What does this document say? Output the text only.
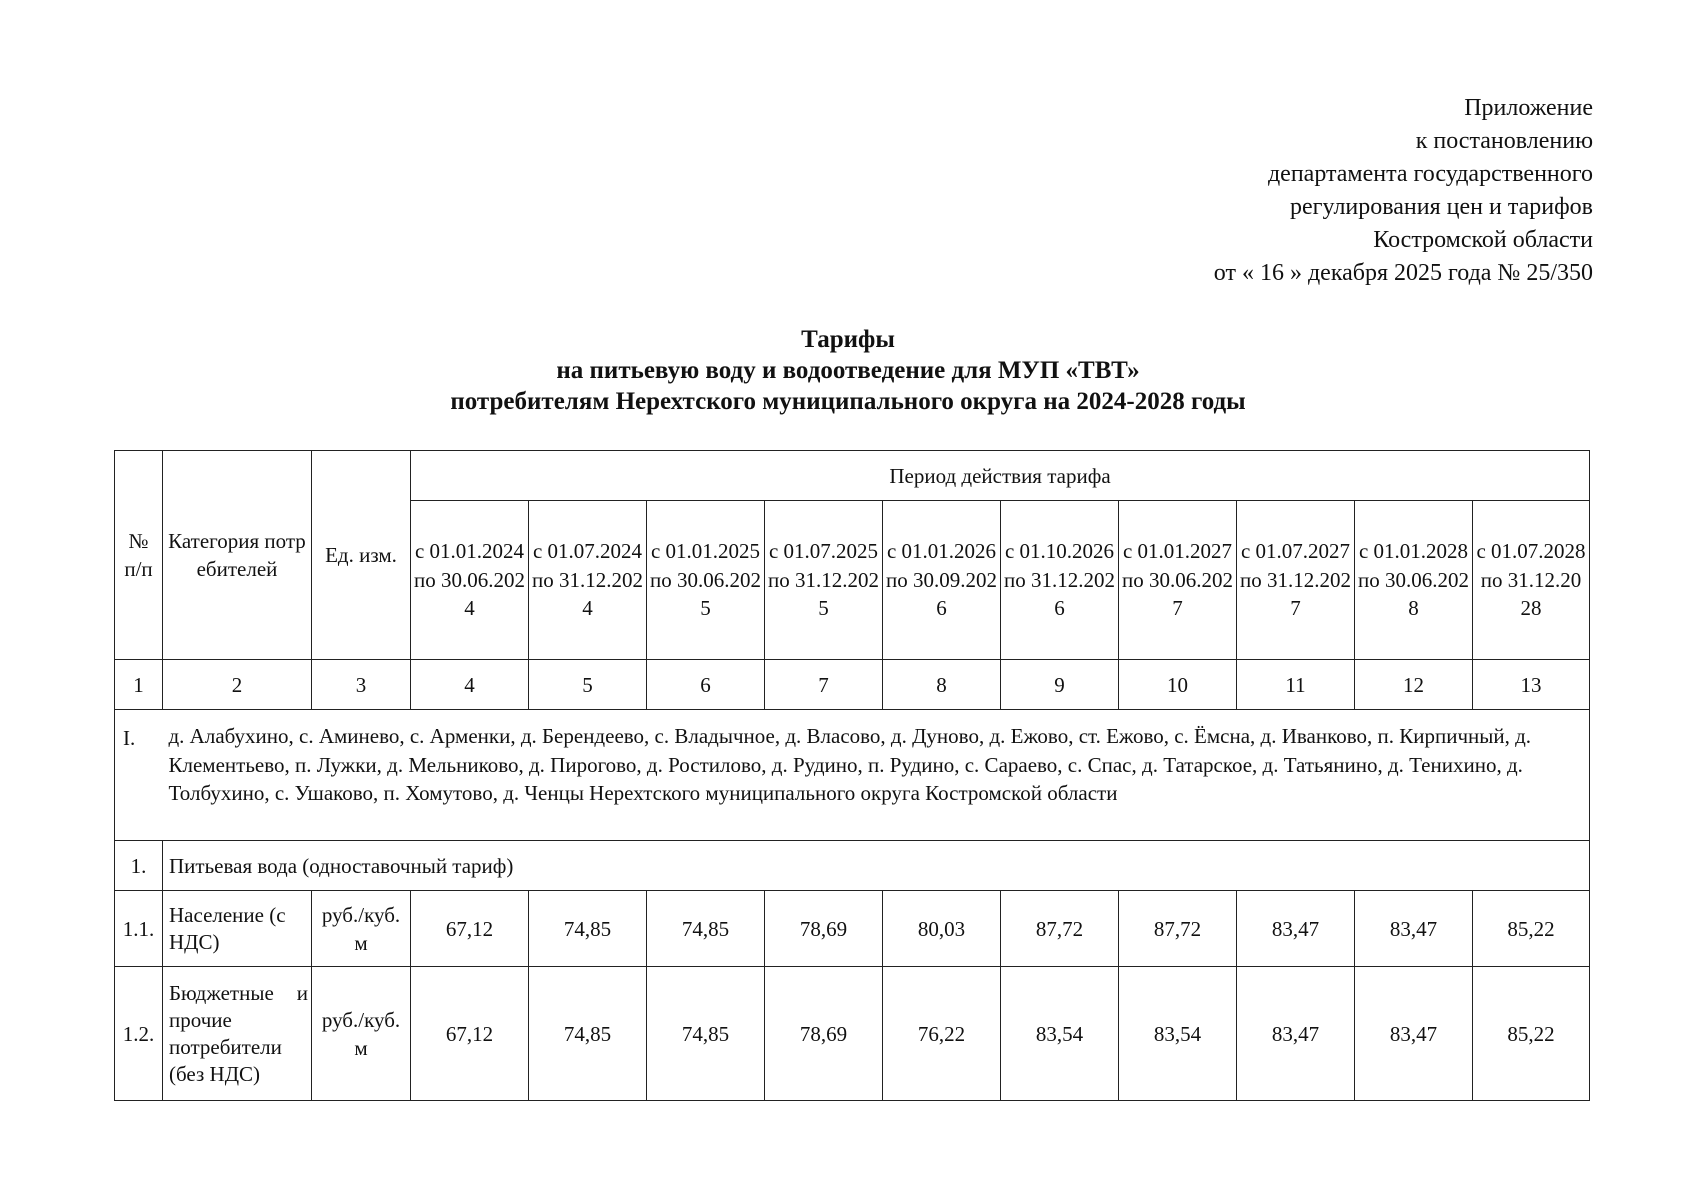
Приложение
к постановлению
департамента государственного
регулирования цен и тарифов
Костромской области
от « 16 » декабря 2025 года № 25/350
Тарифы
на питьевую воду и водоотведение для МУП «ТВТ»
потребителям Нерехтского муниципального округа на 2024-2028 годы
№ п/п	Категория потребителей	Ед. изм.	Период действия тарифа									
			с 01.01.2024 по 30.06.2024	с 01.07.2024 по 31.12.2024	с 01.01.2025 по 30.06.2025	с 01.07.2025 по 31.12.2025	с 01.01.2026 по 30.09.2026	с 01.10.2026 по 31.12.2026	с 01.01.2027 по 30.06.2027	с 01.07.2027 по 31.12.2027	с 01.01.2028 по 30.06.2028	с 01.07.2028 по 31.12.2028
1	2	3	4	5	6	7	8	9	10	11	12	13
I.	д. Алабухино, с. Аминево, с. Арменки, д. Берендеево, с. Владычное, д. Власово, д. Дуново, д. Ежово, ст. Ежово, с. Ёмсна, д. Иванково, п. Кирпичный, д. Клементьево, п. Лужки, д. Мельниково, д. Пирогово, д. Ростилово, д. Рудино, п. Рудино, с. Сараево, с. Спас, д. Татарское, д. Татьянино, д. Тенихино, д. Толбухино, с. Ушаково, п. Хомутово, д. Ченцы Нерехтского муниципального округа Костромской области											
1.	Питьевая вода (одноставочный тариф)											
1.1.	Население (с НДС)	руб./куб. м	67,12	74,85	74,85	78,69	80,03	87,72	87,72	83,47	83,47	85,22
1.2.	Бюджетные и прочие потребители (без НДС)	руб./куб. м	67,12	74,85	74,85	78,69	76,22	83,54	83,54	83,47	83,47	85,22
